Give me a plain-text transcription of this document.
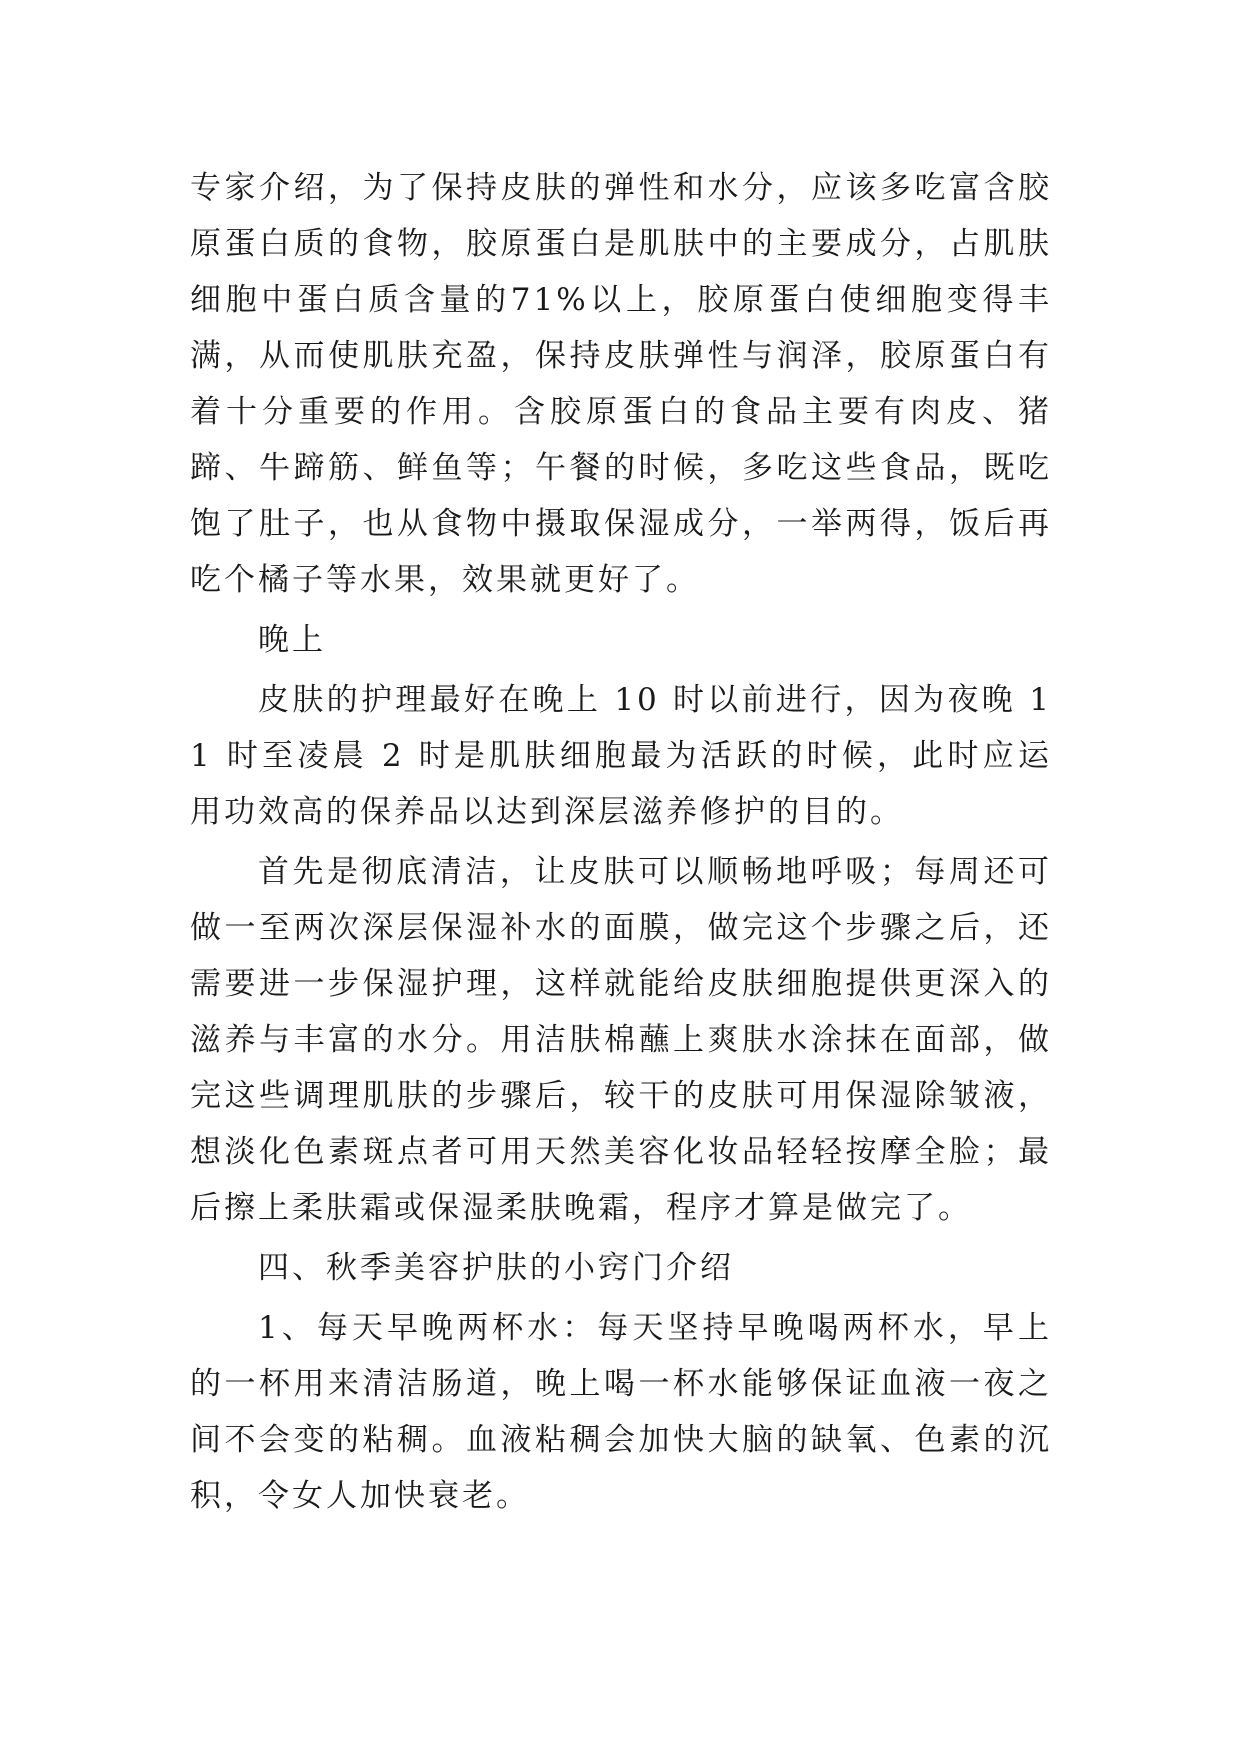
专家介绍，为了保持皮肤的弹性和水分，应该多吃富含胶原蛋白质的食物，胶原蛋白是肌肤中的主要成分，占肌肤细胞中蛋白质含量的71%以上，胶原蛋白使细胞变得丰满，从而使肌肤充盈，保持皮肤弹性与润泽，胶原蛋白有着十分重要的作用。含胶原蛋白的食品主要有肉皮、猪蹄、牛蹄筋、鲜鱼等；午餐的时候，多吃这些食品，既吃饱了肚子，也从食物中摄取保湿成分，一举两得，饭后再吃个橘子等水果，效果就更好了。

晚上

皮肤的护理最好在晚上 10 时以前进行，因为夜晚 11 时至凌晨 2 时是肌肤细胞最为活跃的时候，此时应运用功效高的保养品以达到深层滋养修护的目的。

首先是彻底清洁，让皮肤可以顺畅地呼吸；每周还可做一至两次深层保湿补水的面膜，做完这个步骤之后，还需要进一步保湿护理，这样就能给皮肤细胞提供更深入的滋养与丰富的水分。用洁肤棉蘸上爽肤水涂抹在面部，做完这些调理肌肤的步骤后，较干的皮肤可用保湿除皱液，想淡化色素斑点者可用天然美容化妆品轻轻按摩全脸；最后擦上柔肤霜或保湿柔肤晚霜，程序才算是做完了。

四、秋季美容护肤的小窍门介绍

1、每天早晚两杯水：每天坚持早晚喝两杯水，早上的一杯用来清洁肠道，晚上喝一杯水能够保证血液一夜之间不会变的粘稠。血液粘稠会加快大脑的缺氧、色素的沉积，令女人加快衰老。
